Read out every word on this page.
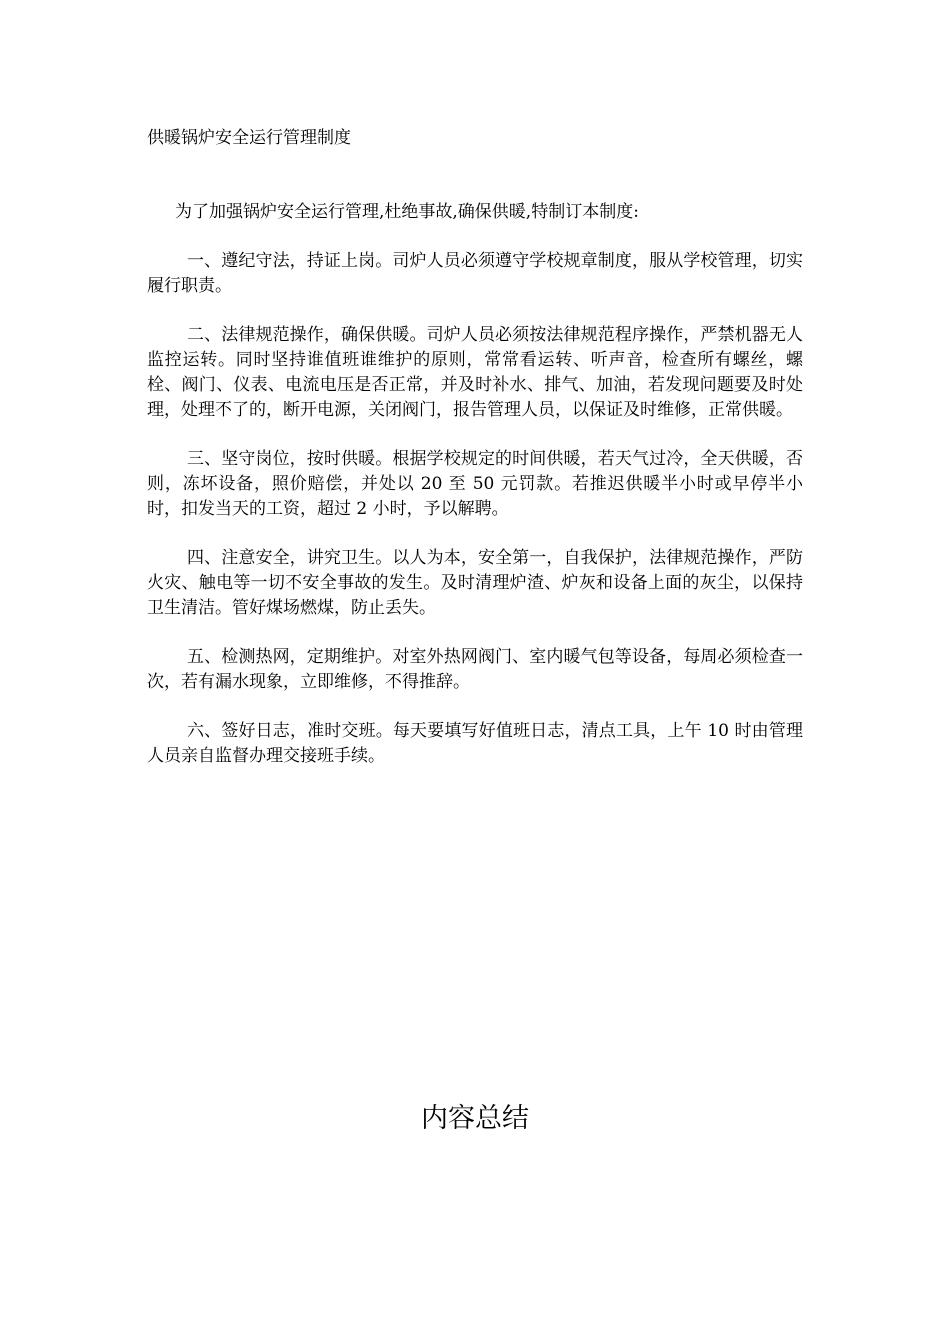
供暖锅炉安全运行管理制度
为了加强锅炉安全运行管理,杜绝事故,确保供暖,特制订本制度:

一、遵纪守法，持证上岗。司炉人员必须遵守学校规章制度，服从学校管理，切实履行职责。

二、法律规范操作，确保供暖。司炉人员必须按法律规范程序操作，严禁机器无人监控运转。同时坚持谁值班谁维护的原则，常常看运转、听声音，检查所有螺丝，螺栓、阀门、仪表、电流电压是否正常，并及时补水、排气、加油，若发现问题要及时处理，处理不了的，断开电源，关闭阀门，报告管理人员，以保证及时维修，正常供暖。

三、坚守岗位，按时供暖。根据学校规定的时间供暖，若天气过冷，全天供暖，否则，冻坏设备，照价赔偿，并处以 20 至 50 元罚款。若推迟供暖半小时或早停半小时，扣发当天的工资，超过 2 小时，予以解聘。

四、注意安全，讲究卫生。以人为本，安全第一，自我保护，法律规范操作，严防火灾、触电等一切不安全事故的发生。及时清理炉渣、炉灰和设备上面的灰尘，以保持卫生清洁。管好煤场燃煤，防止丢失。

五、检测热网，定期维护。对室外热网阀门、室内暖气包等设备，每周必须检查一次，若有漏水现象，立即维修，不得推辞。

六、签好日志，准时交班。每天要填写好值班日志，清点工具，上午 10 时由管理人员亲自监督办理交接班手续。

内容总结
